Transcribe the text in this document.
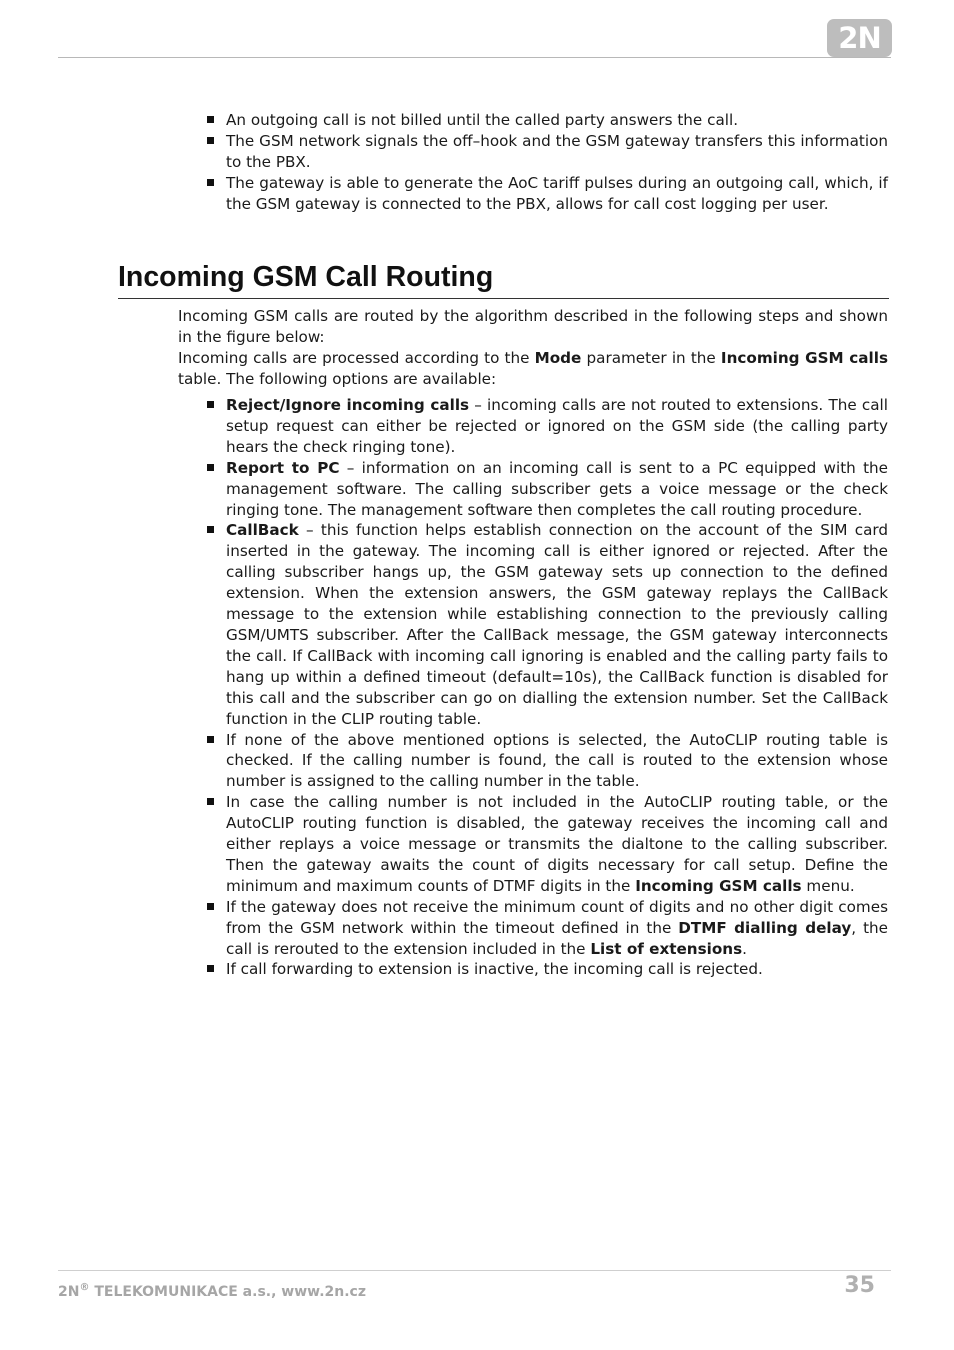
2N
An outgoing call is not billed until the called party answers the call.
The GSM network signals the off–hook and the GSM gateway transfers this information to the PBX.
The gateway is able to generate the AoC tariff pulses during an outgoing call, which, if the GSM gateway is connected to the PBX, allows for call cost logging per user.
Incoming GSM Call Routing

Incoming GSM calls are routed by the algorithm described in the following steps and shown in the figure below:

Incoming calls are processed according to the Mode parameter in the Incoming GSM calls table. The following options are available:

Reject/Ignore incoming calls – incoming calls are not routed to extensions. The call setup request can either be rejected or ignored on the GSM side (the calling party hears the check ringing tone).
Report to PC – information on an incoming call is sent to a PC equipped with the management software. The calling subscriber gets a voice message or the check ringing tone. The management software then completes the call routing procedure.
CallBack – this function helps establish connection on the account of the SIM card inserted in the gateway. The incoming call is either ignored or rejected. After the calling subscriber hangs up, the GSM gateway sets up connection to the defined extension. When the extension answers, the GSM gateway replays the CallBack message to the extension while establishing connection to the previously calling GSM/UMTS subscriber. After the CallBack message, the GSM gateway interconnects the call. If CallBack with incoming call ignoring is enabled and the calling party fails to hang up within a defined timeout (default=10s), the CallBack function is disabled for this call and the subscriber can go on dialling the extension number. Set the CallBack function in the CLIP routing table.
If none of the above mentioned options is selected, the AutoCLIP routing table is checked. If the calling number is found, the call is routed to the extension whose number is assigned to the calling number in the table.
In case the calling number is not included in the AutoCLIP routing table, or the AutoCLIP routing function is disabled, the gateway receives the incoming call and either replays a voice message or transmits the dialtone to the calling subscriber. Then the gateway awaits the count of digits necessary for call setup. Define the minimum and maximum counts of DTMF digits in the Incoming GSM calls menu.
If the gateway does not receive the minimum count of digits and no other digit comes from the GSM network within the timeout defined in the DTMF dialling delay, the call is rerouted to the extension included in the List of extensions.
If call forwarding to extension is inactive, the incoming call is rejected.
2N® TELEKOMUNIKACE a.s., www.2n.cz	35
